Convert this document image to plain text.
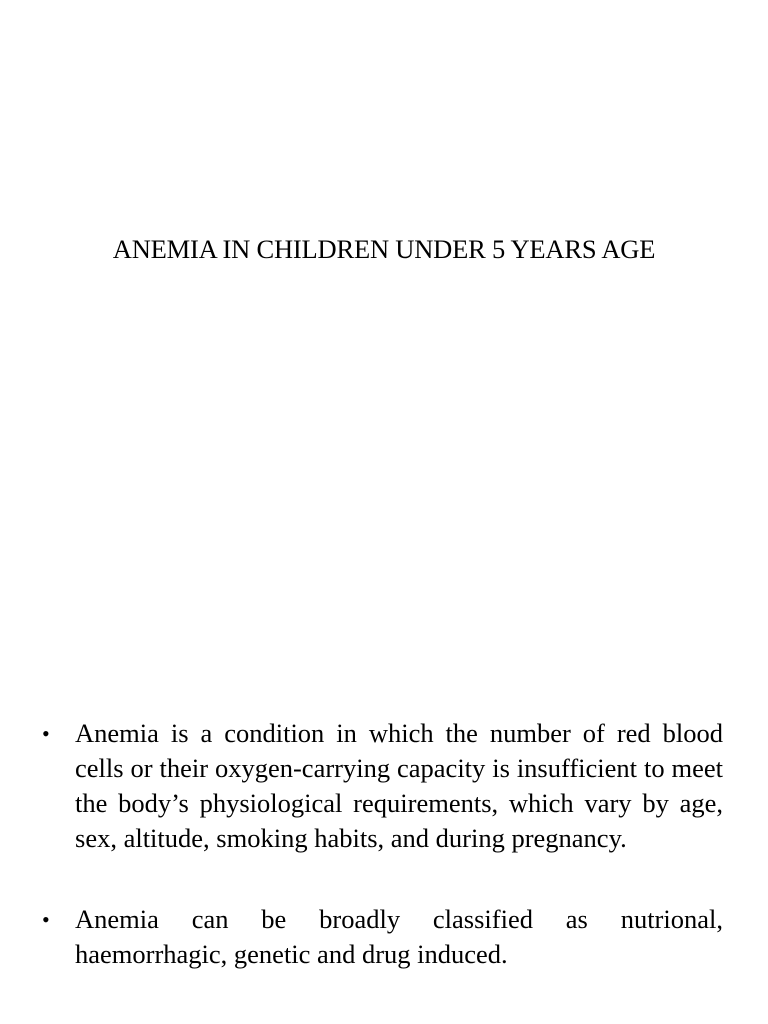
ANEMIA IN CHILDREN UNDER 5 YEARS AGE
• Anemia is a condition in which the number of red blood cells or their oxygen-carrying capacity is insufficient to meet the body’s physiological requirements, which vary by age, sex, altitude, smoking habits, and during pregnancy.
• Anemia can be broadly classified as nutrional, haemorrhagic, genetic and drug induced.
